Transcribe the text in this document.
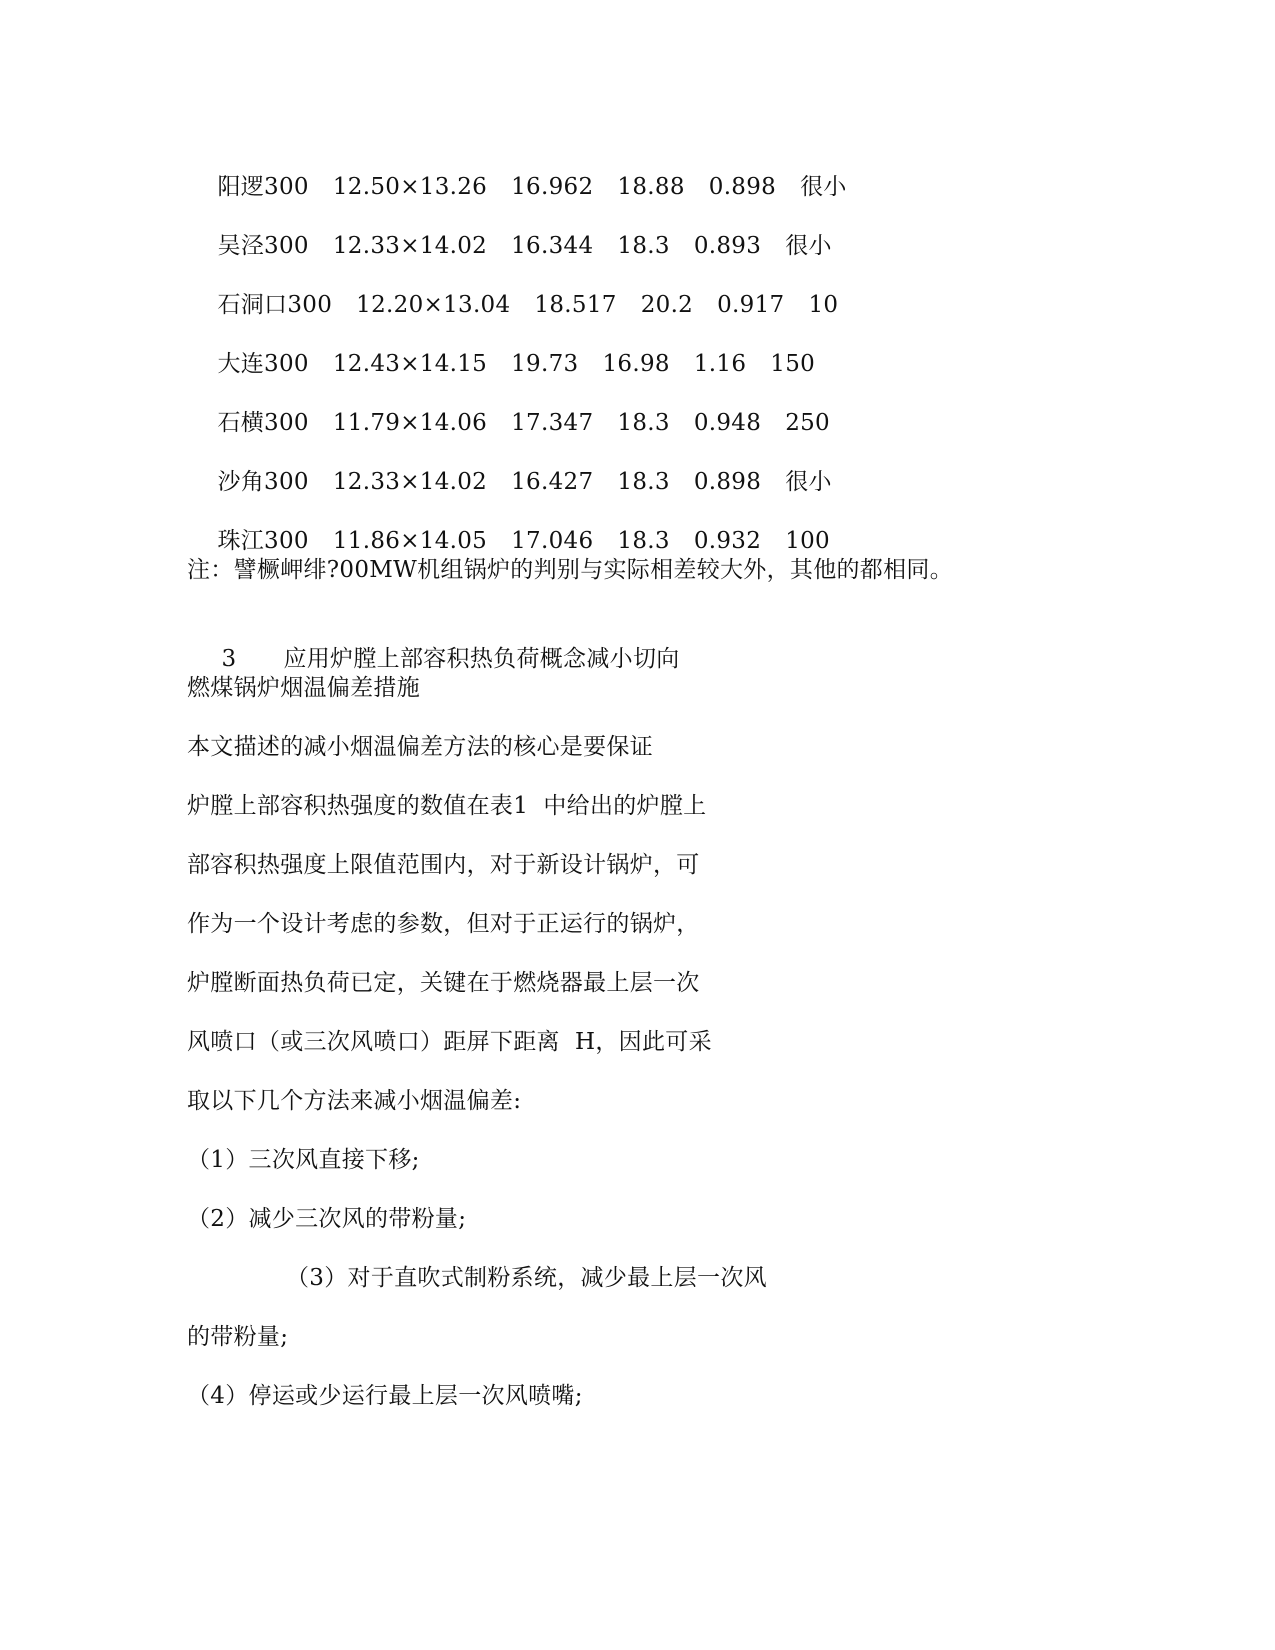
阳逻300 12.50×13.26 16.962 18.88 0.898 很小

吴泾300 12.33×14.02 16.344 18.3 0.893 很小

石洞口300 12.20×13.04 18.517 20.2 0.917 10

大连300 12.43×14.15 19.73 16.98 1.16 150

石横300 11.79×14.06 17.347 18.3 0.948 250

沙角300 12.33×14.02 16.427 18.3 0.898 很小

珠江300 11.86×14.05 17.046 18.3 0.932 100

注：譬橛岬绯?00MW机组锅炉的判别与实际相差较大外，其他的都相同。

3 应用炉膛上部容积热负荷概念减小切向

燃煤锅炉烟温偏差措施
本文描述的减小烟温偏差方法的核心是要保证
炉膛上部容积热强度的数值在表1  中给出的炉膛上
部容积热强度上限值范围内，对于新设计锅炉，可
作为一个设计考虑的参数，但对于正运行的锅炉，
炉膛断面热负荷已定，关键在于燃烧器最上层一次
风喷口（或三次风喷口）距屏下距离  H，因此可采
取以下几个方法来减小烟温偏差:
（1）三次风直接下移;
（2）减少三次风的带粉量;
（3）对于直吹式制粉系统，减少最上层一次风
的带粉量;
（4）停运或少运行最上层一次风喷嘴;
